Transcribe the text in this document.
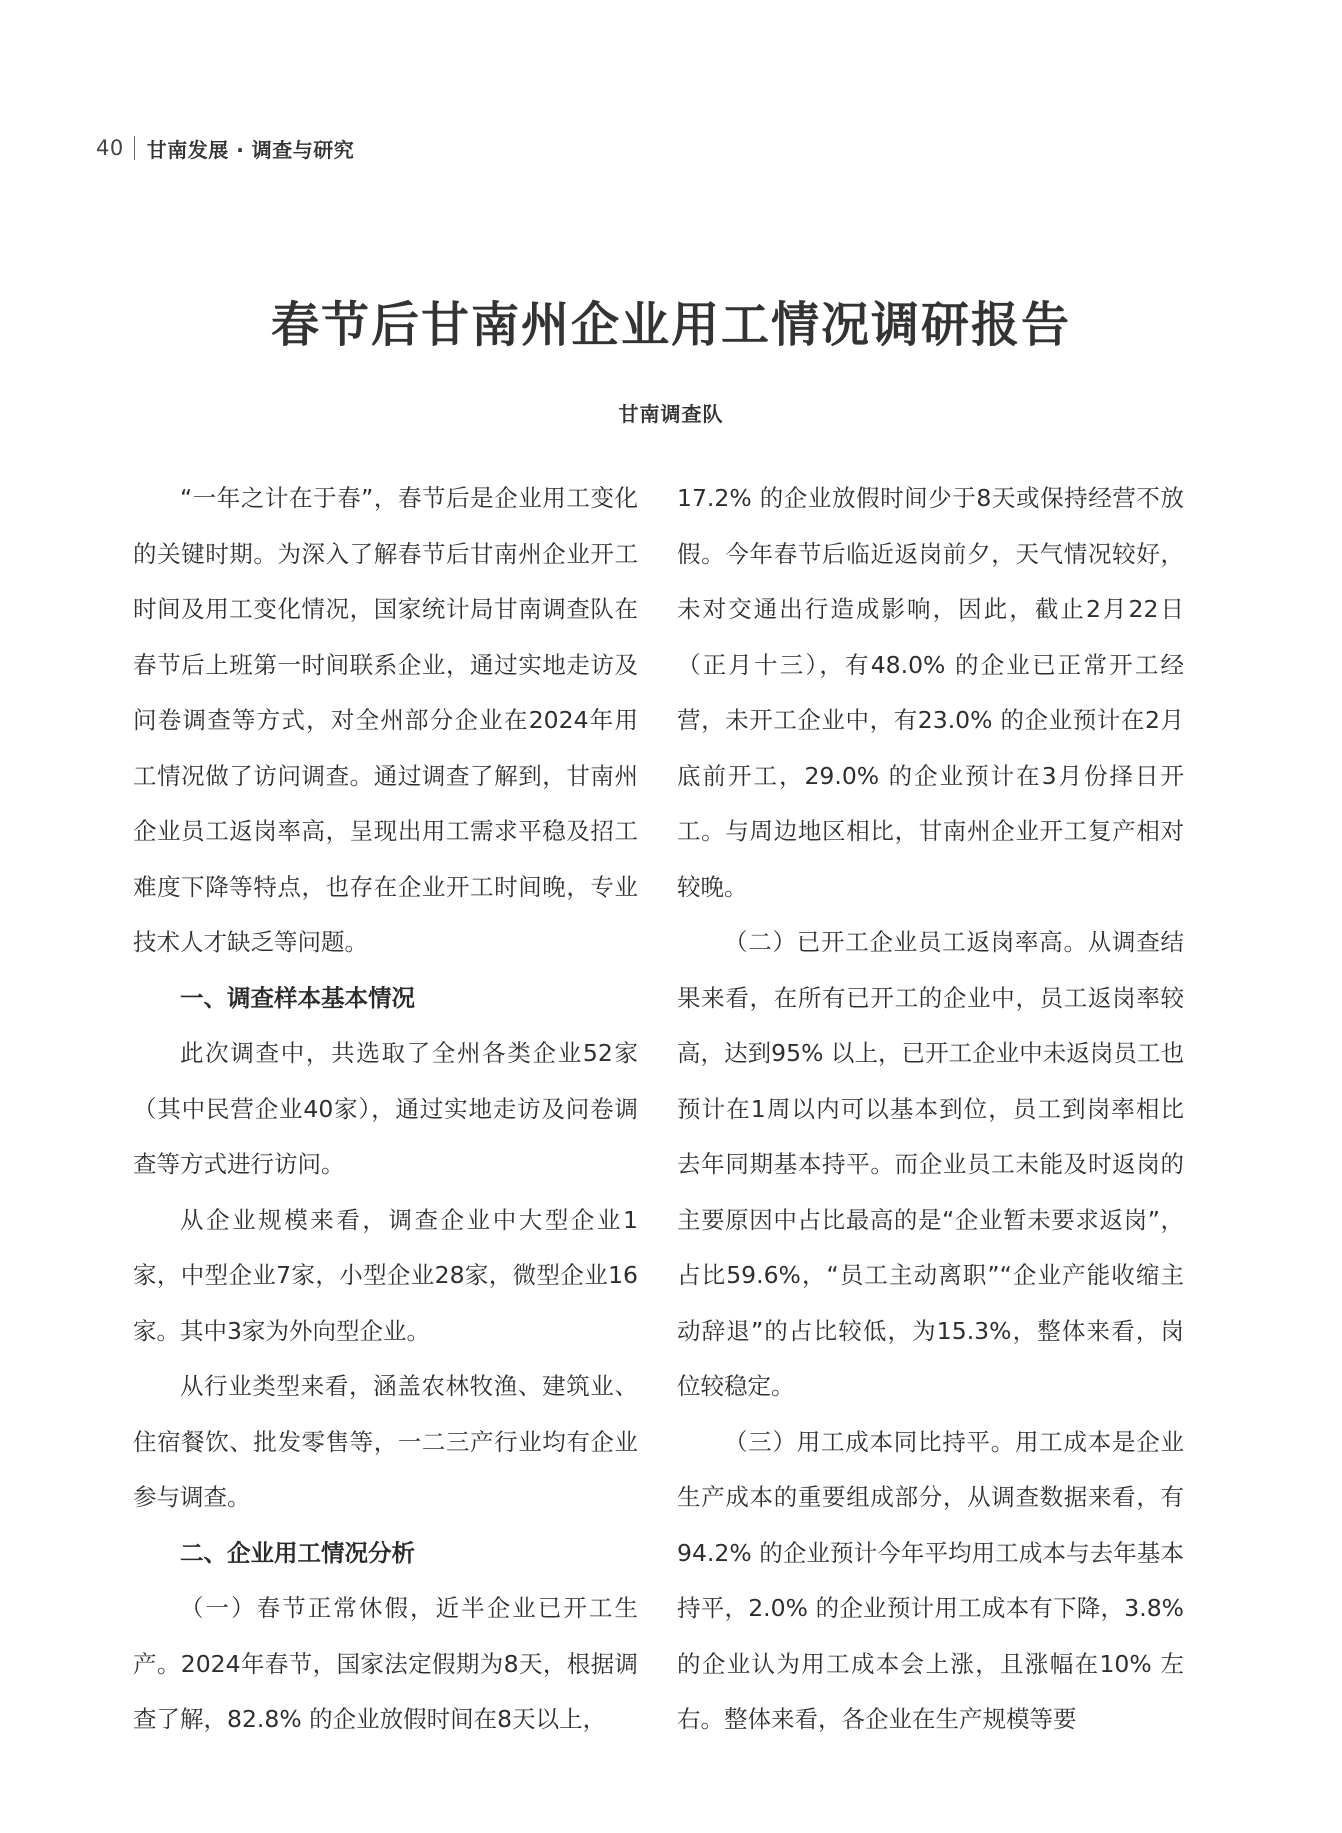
40 甘南发展 · 调查与研究
春节后甘南州企业用工情况调研报告
甘南调查队

“一年之计在于春”，春节后是企业用工变化的关键时期。为深入了解春节后甘南州企业开工时间及用工变化情况，国家统计局甘南调查队在春节后上班第一时间联系企业，通过实地走访及问卷调查等方式，对全州部分企业在2024年用工情况做了访问调查。通过调查了解到，甘南州企业员工返岗率高，呈现出用工需求平稳及招工难度下降等特点，也存在企业开工时间晚，专业技术人才缺乏等问题。

一、调查样本基本情况

此次调查中，共选取了全州各类企业52家（其中民营企业40家），通过实地走访及问卷调查等方式进行访问。

从企业规模来看，调查企业中大型企业1家，中型企业7家，小型企业28家，微型企业16家。其中3家为外向型企业。

从行业类型来看，涵盖农林牧渔、建筑业、住宿餐饮、批发零售等，一二三产行业均有企业参与调查。

二、企业用工情况分析

（一）春节正常休假，近半企业已开工生产。2024年春节，国家法定假期为8天，根据调查了解，82.8% 的企业放假时间在8天以上，

17.2% 的企业放假时间少于8天或保持经营不放假。今年春节后临近返岗前夕，天气情况较好，未对交通出行造成影响，因此，截止2月22日（正月十三），有48.0% 的企业已正常开工经营，未开工企业中，有23.0% 的企业预计在2月底前开工，29.0% 的企业预计在3月份择日开工。与周边地区相比，甘南州企业开工复产相对较晚。

（二）已开工企业员工返岗率高。从调查结果来看，在所有已开工的企业中，员工返岗率较高，达到95% 以上，已开工企业中未返岗员工也预计在1周以内可以基本到位，员工到岗率相比去年同期基本持平。而企业员工未能及时返岗的主要原因中占比最高的是“企业暂未要求返岗”，占比59.6%，“员工主动离职”“企业产能收缩主动辞退”的占比较低，为15.3%，整体来看，岗位较稳定。

（三）用工成本同比持平。用工成本是企业生产成本的重要组成部分，从调查数据来看，有94.2% 的企业预计今年平均用工成本与去年基本持平，2.0% 的企业预计用工成本有下降，3.8% 的企业认为用工成本会上涨，且涨幅在10% 左右。整体来看，各企业在生产规模等要
